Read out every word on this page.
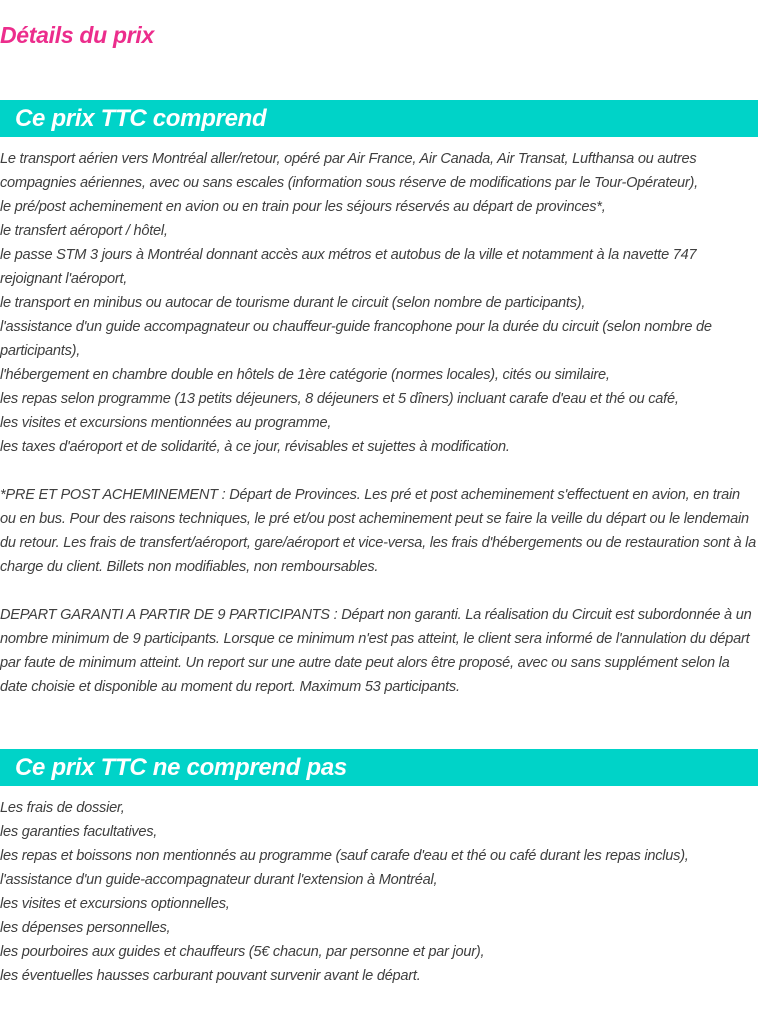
Détails du prix
Ce prix TTC comprend
Le transport aérien vers Montréal aller/retour, opéré par Air France, Air Canada, Air Transat, Lufthansa ou autres compagnies aériennes, avec ou sans escales (information sous réserve de modifications par le Tour-Opérateur),
le pré/post acheminement en avion ou en train pour les séjours réservés au départ de provinces*,
le transfert aéroport / hôtel,
le passe STM 3 jours à Montréal donnant accès aux métros et autobus de la ville et notamment à la navette 747 rejoignant l'aéroport,
le transport en minibus ou autocar de tourisme durant le circuit (selon nombre de participants),
l'assistance d'un guide accompagnateur ou chauffeur-guide francophone pour la durée du circuit (selon nombre de participants),
l'hébergement en chambre double en hôtels de 1ère catégorie (normes locales), cités ou similaire,
les repas selon programme (13 petits déjeuners, 8 déjeuners et 5 dîners) incluant carafe d'eau et thé ou café,
les visites et excursions mentionnées au programme,
les taxes d'aéroport et de solidarité, à ce jour, révisables et sujettes à modification.

*PRE ET POST ACHEMINEMENT : Départ de Provinces. Les pré et post acheminement s'effectuent en avion, en train ou en bus. Pour des raisons techniques, le pré et/ou post acheminement peut se faire la veille du départ ou le lendemain du retour. Les frais de transfert/aéroport, gare/aéroport et vice-versa, les frais d'hébergements ou de restauration sont à la charge du client. Billets non modifiables, non remboursables.

DEPART GARANTI A PARTIR DE 9 PARTICIPANTS : Départ non garanti. La réalisation du Circuit est subordonnée à un nombre minimum de 9 participants. Lorsque ce minimum n'est pas atteint, le client sera informé de l'annulation du départ par faute de minimum atteint. Un report sur une autre date peut alors être proposé, avec ou sans supplément selon la date choisie et disponible au moment du report. Maximum 53 participants.

Ce prix TTC ne comprend pas
Les frais de dossier,
les garanties facultatives,
les repas et boissons non mentionnés au programme (sauf carafe d'eau et thé ou café durant les repas inclus),
l'assistance d'un guide-accompagnateur durant l'extension à Montréal,
les visites et excursions optionnelles,
les dépenses personnelles,
les pourboires aux guides et chauffeurs (5€ chacun, par personne et par jour),
les éventuelles hausses carburant pouvant survenir avant le départ.
